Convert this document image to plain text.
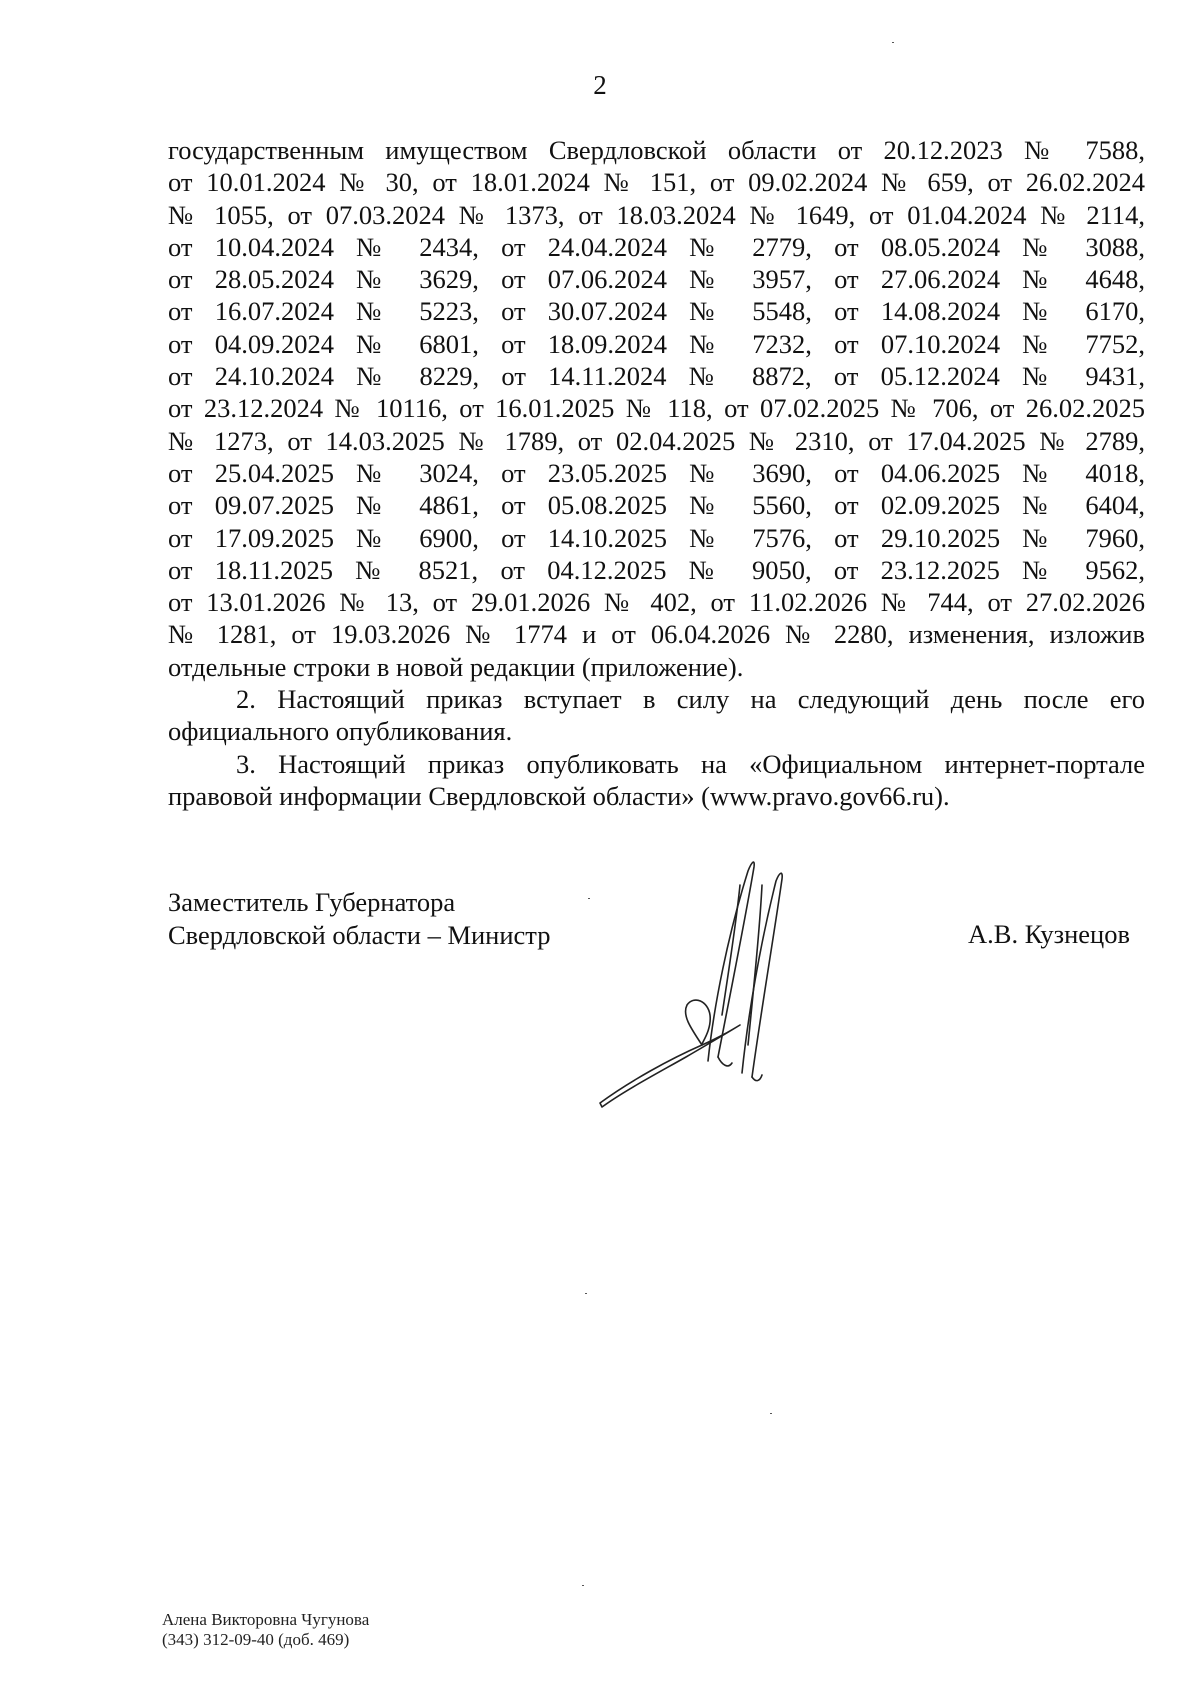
2
государственным имуществом Свердловской области от 20.12.2023 № 7588,
от 10.01.2024 № 30, от 18.01.2024 № 151, от 09.02.2024 № 659, от 26.02.2024
№ 1055, от 07.03.2024 № 1373, от 18.03.2024 № 1649, от 01.04.2024 № 2114,
от 10.04.2024 № 2434, от 24.04.2024 № 2779, от 08.05.2024 № 3088,
от 28.05.2024 № 3629, от 07.06.2024 № 3957, от 27.06.2024 № 4648,
от 16.07.2024 № 5223, от 30.07.2024 № 5548, от 14.08.2024 № 6170,
от 04.09.2024 № 6801, от 18.09.2024 № 7232, от 07.10.2024 № 7752,
от 24.10.2024 № 8229, от 14.11.2024 № 8872, от 05.12.2024 № 9431,
от 23.12.2024 № 10116, от 16.01.2025 № 118, от 07.02.2025 № 706, от 26.02.2025
№ 1273, от 14.03.2025 № 1789, от 02.04.2025 № 2310, от 17.04.2025 № 2789,
от 25.04.2025 № 3024, от 23.05.2025 № 3690, от 04.06.2025 № 4018,
от 09.07.2025 № 4861, от 05.08.2025 № 5560, от 02.09.2025 № 6404,
от 17.09.2025 № 6900, от 14.10.2025 № 7576, от 29.10.2025 № 7960,
от 18.11.2025 № 8521, от 04.12.2025 № 9050, от 23.12.2025 № 9562,
от 13.01.2026 № 13, от 29.01.2026 № 402, от 11.02.2026 № 744, от 27.02.2026
№ 1281, от 19.03.2026 № 1774 и от 06.04.2026 № 2280, изменения, изложив
отдельные строки в новой редакции (приложение).
2. Настоящий приказ вступает в силу на следующий день после его официального опубликования.
3. Настоящий приказ опубликовать на «Официальном интернет-портале правовой информации Свердловской области» (www.pravo.gov66.ru).
Заместитель Губернатора
Свердловской области – Министр	А.В. Кузнецов
Алена Викторовна Чугунова
(343) 312-09-40 (доб. 469)
